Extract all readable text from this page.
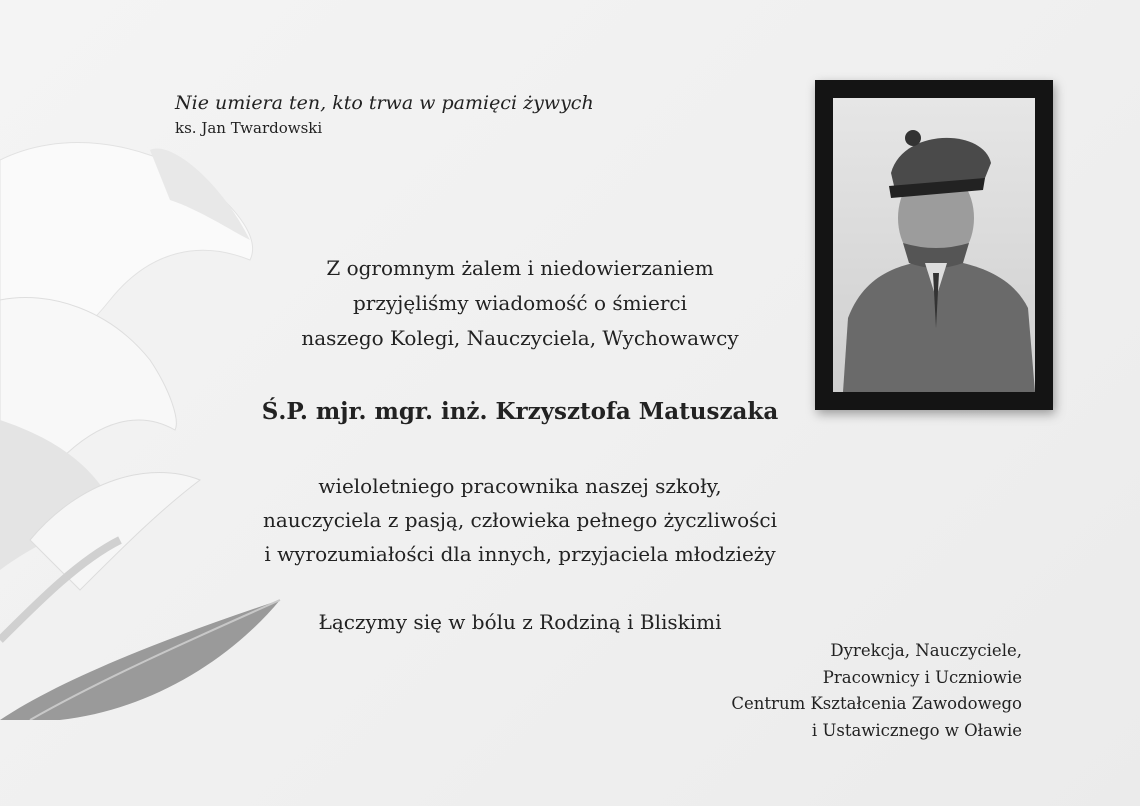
Nie umiera ten, kto trwa w pamięci żywych
ks. Jan Twardowski
Z ogromnym żalem i niedowierzaniem
przyjęliśmy wiadomość o śmierci
naszego Kolegi, Nauczyciela, Wychowawcy
Ś.P. mjr. mgr. inż. Krzysztofa Matuszaka
wieloletniego pracownika naszej szkoły,
nauczyciela z pasją, człowieka pełnego życzliwości
i wyrozumiałości dla innych, przyjaciela młodzieży
Łączymy się w bólu z Rodziną i Bliskimi
Dyrekcja, Nauczyciele,
Pracownicy i Uczniowie
Centrum Kształcenia Zawodowego
i Ustawicznego w Oławie
